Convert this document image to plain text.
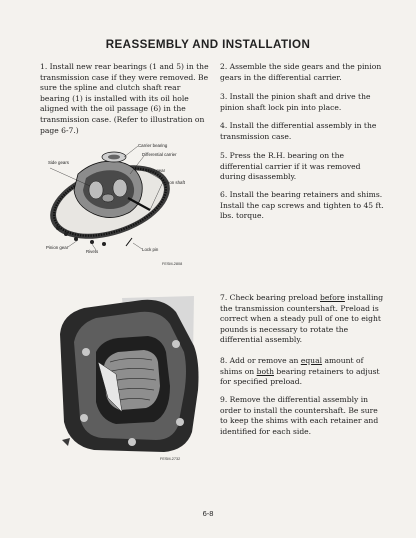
REASSEMBLY AND INSTALLATION

1. Install new rear bearings (1 and 5) in the transmission case if they were removed. Be sure the spline and clutch shaft rear bearing (1) is installed with its oil hole aligned with the oil passage (6) in the transmission case. (Refer to illustration on page 6-7.)

Carrier bearing
Differential carrier
Side gears
Ring gear
Pinion shaft
Pinion gear
Rivets	Lock pin
FESM-2808
FESM-2732

2. Assemble the side gears and the pinion gears in the differential carrier.

3. Install the pinion shaft and drive the pinion shaft lock pin into place.

4. Install the differential assembly in the transmission case.

5. Press the R.H. bearing on the differential carrier if it was removed during disassembly.

6. Install the bearing retainers and shims. Install the cap screws and tighten to 45 ft. lbs. torque.

7. Check bearing preload before installing the transmission countershaft. Preload is correct when a steady pull of one to eight pounds is necessary to rotate the differential assembly.

8. Add or remove an equal amount of shims on both bearing retainers to adjust for specified preload.

9. Remove the differential assembly in order to install the countershaft. Be sure to keep the shims with each retainer and identified for each side.

6-8
